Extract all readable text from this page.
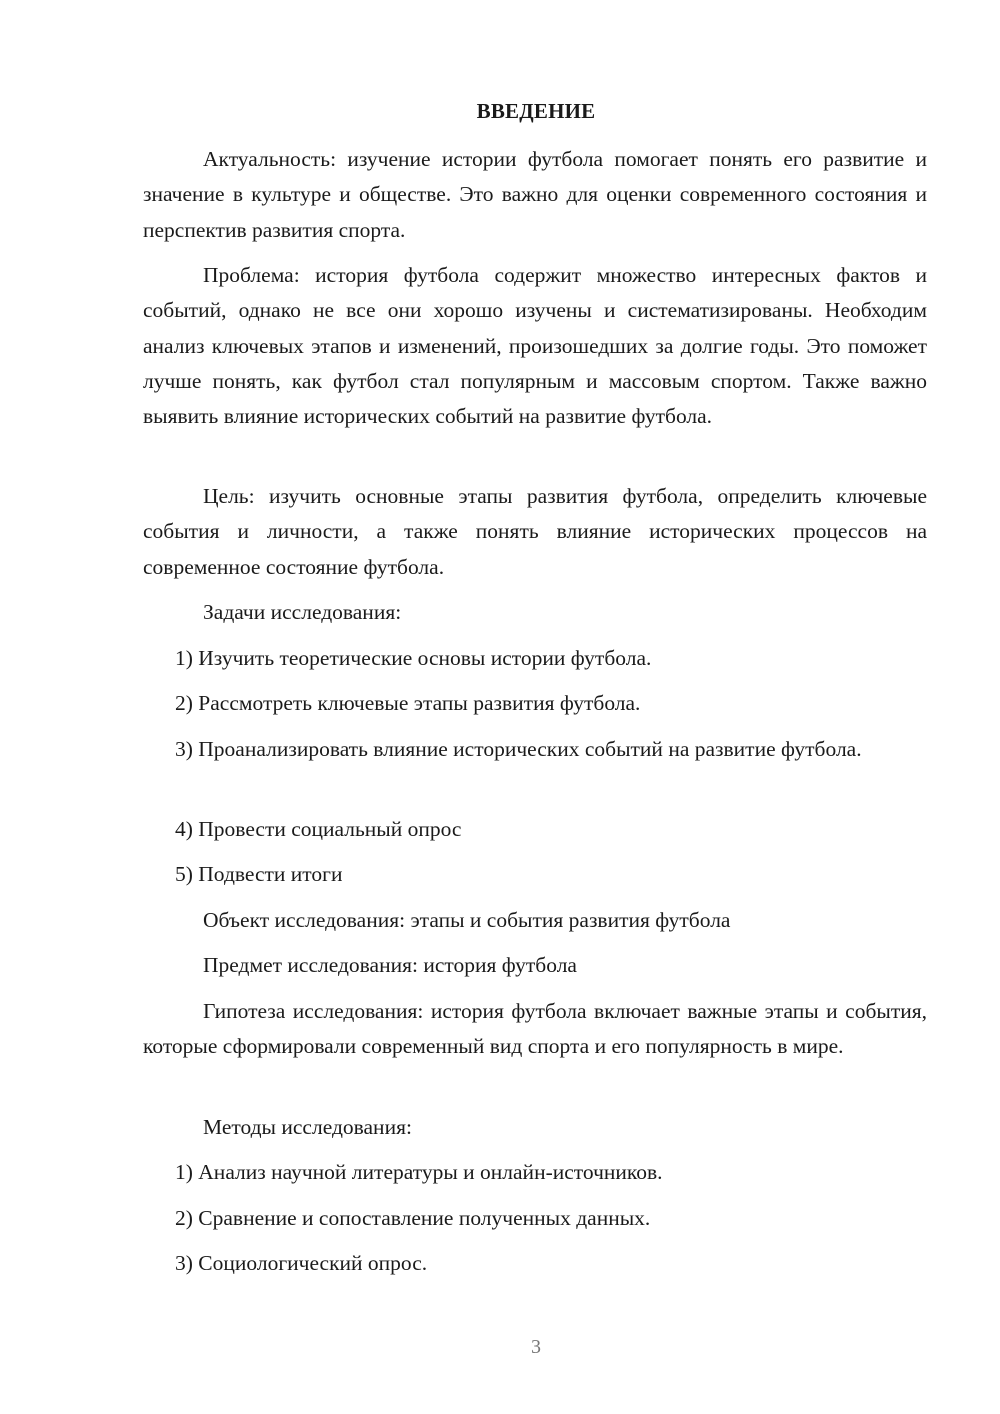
ВВЕДЕНИЕ

Актуальность: изучение истории футбола помогает понять его развитие и значение в культуре и обществе. Это важно для оценки современного состояния и перспектив развития спорта.

Проблема: история футбола содержит множество интересных фактов и событий, однако не все они хорошо изучены и систематизированы. Необходим анализ ключевых этапов и изменений, произошедших за долгие годы. Это поможет лучше понять, как футбол стал популярным и массовым спортом. Также важно выявить влияние исторических событий на развитие футбола.

Цель: изучить основные этапы развития футбола, определить ключевые события и личности, а также понять влияние исторических процессов на современное состояние футбола.

Задачи исследования:

1) Изучить теоретические основы истории футбола.

2) Рассмотреть ключевые этапы развития футбола.

3) Проанализировать влияние исторических событий на развитие футбола.

4) Провести социальный опрос

5) Подвести итоги

Объект исследования: этапы и события развития футбола

Предмет исследования: история футбола

Гипотеза исследования: история футбола включает важные этапы и события, которые сформировали современный вид спорта и его популярность в мире.

Методы исследования:

1) Анализ научной литературы и онлайн-источников.

2) Сравнение и сопоставление полученных данных.

3) Социологический опрос.

3
